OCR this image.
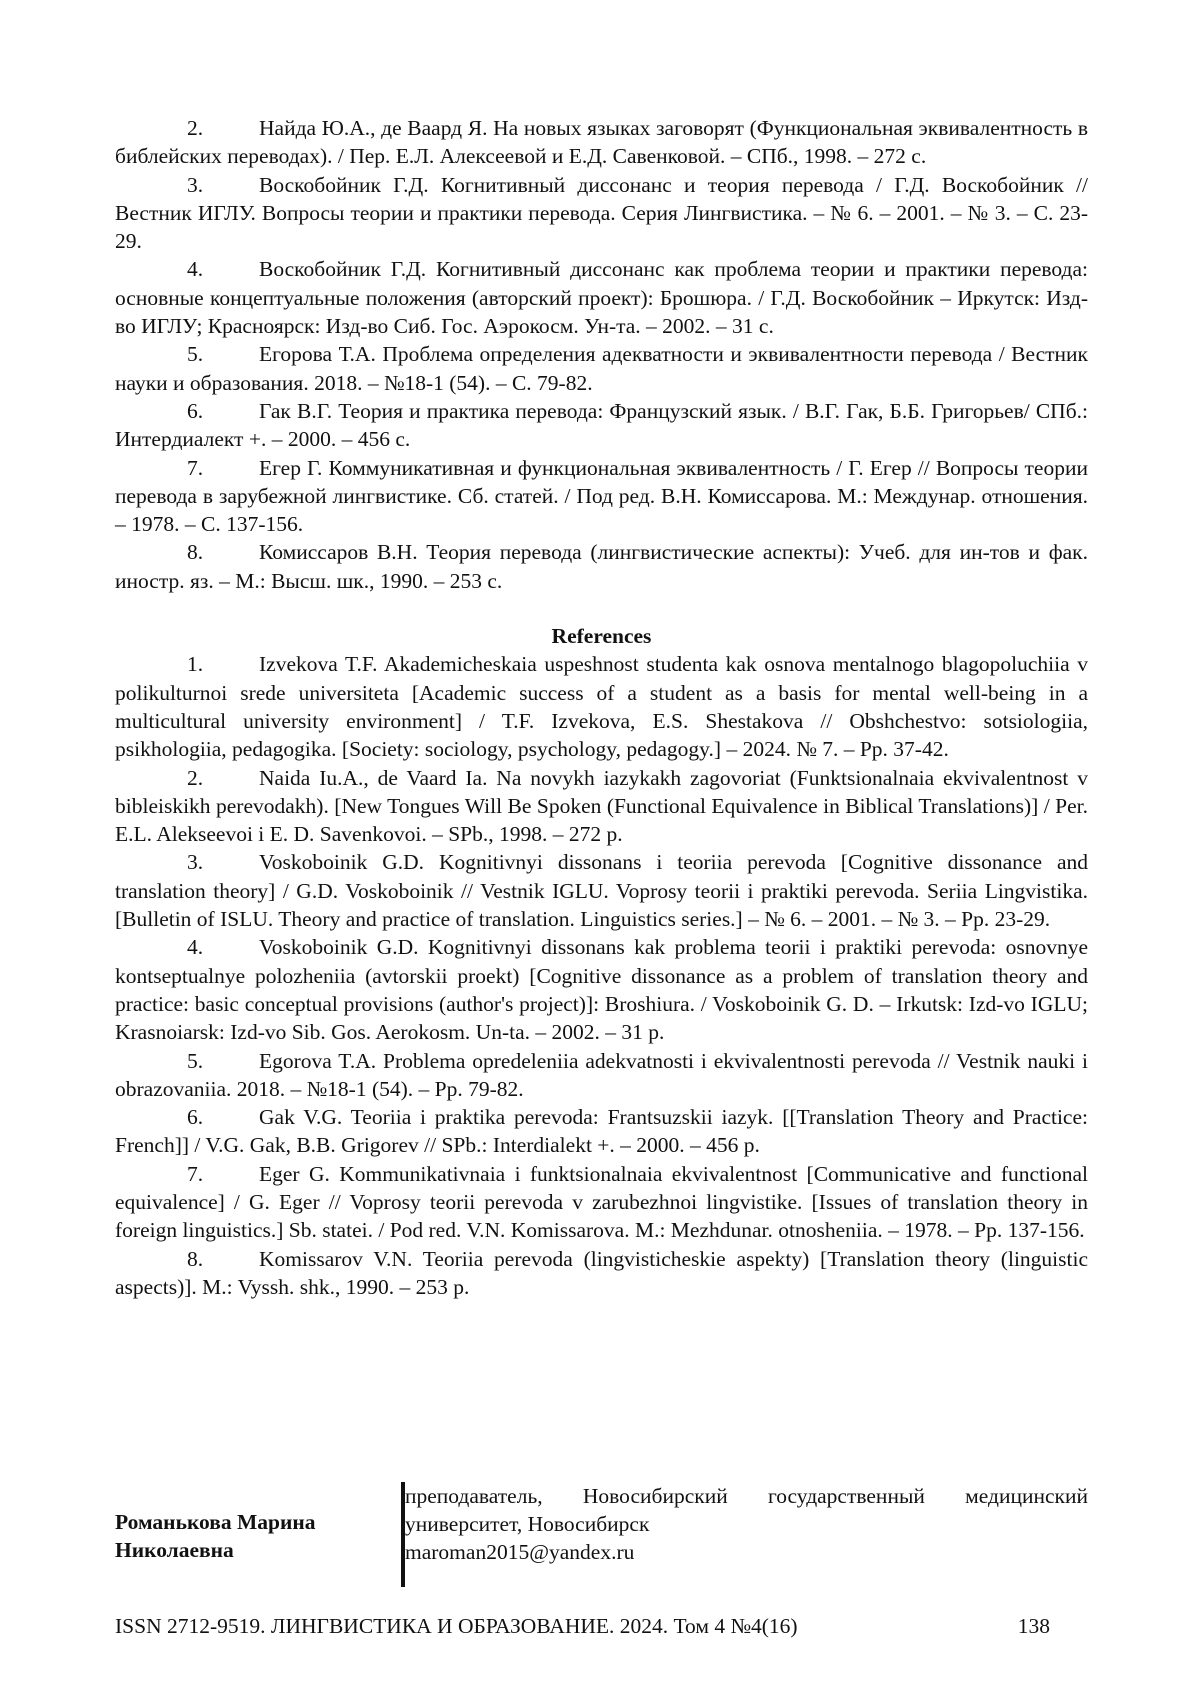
2.	Найда Ю.А., де Ваард Я. На новых языках заговорят (Функциональная эквивалентность в библейских переводах). / Пер. Е.Л. Алексеевой и Е.Д. Савенковой. – СПб., 1998. – 272 с.

3.	Воскобойник Г.Д. Когнитивный диссонанс и теория перевода / Г.Д. Воскобойник // Вестник ИГЛУ. Вопросы теории и практики перевода. Серия Лингвистика. – № 6. – 2001. – № 3. – С. 23-29.

4.	Воскобойник Г.Д. Когнитивный диссонанс как проблема теории и практики перевода: основные концептуальные положения (авторский проект): Брошюра. / Г.Д. Воскобойник – Иркутск: Изд-во ИГЛУ; Красноярск: Изд-во Сиб. Гос. Аэрокосм. Ун-та. – 2002. – 31 с.

5.	Егорова Т.А. Проблема определения адекватности и эквивалентности перевода / Вестник науки и образования. 2018. – №18-1 (54). – С. 79-82.

6.	Гак В.Г. Теория и практика перевода: Французский язык. / В.Г. Гак, Б.Б. Григорьев/ СПб.: Интердиалект +. – 2000. – 456 с.

7.	Егер Г. Коммуникативная и функциональная эквивалентность / Г. Егер // Вопросы теории перевода в зарубежной лингвистике. Сб. статей. / Под ред. В.Н. Комиссарова. М.: Междунар. отношения. – 1978. – С. 137-156.

8.	Комиссаров В.Н. Теория перевода (лингвистические аспекты): Учеб. для ин-тов и фак. иностр. яз. – М.: Высш. шк., 1990. – 253 с.

References

1.	Izvekova T.F. Akademicheskaia uspeshnost studenta kak osnova mentalnogo blagopoluchiia v polikulturnoi srede universiteta [Academic success of a student as a basis for mental well-being in a multicultural university environment] / T.F. Izvekova, E.S. Shestakova // Obshchestvo: sotsiologiia, psikhologiia, pedagogika. [Society: sociology, psychology, pedagogy.] – 2024. № 7. – Pp. 37-42.

2.	Naida Iu.A., de Vaard Ia. Na novykh iazykakh zagovoriat (Funktsionalnaia ekvivalentnost v bibleiskikh perevodakh). [New Tongues Will Be Spoken (Functional Equivalence in Biblical Translations)] / Per. E.L. Alekseevoi i E. D. Savenkovoi. – SPb., 1998. – 272 p.

3.	Voskoboinik G.D. Kognitivnyi dissonans i teoriia perevoda [Cognitive dissonance and translation theory] / G.D. Voskoboinik // Vestnik IGLU. Voprosy teorii i praktiki perevoda. Seriia Lingvistika. [Bulletin of ISLU. Theory and practice of translation. Linguistics series.] – № 6. – 2001. – № 3. – Pp. 23-29.

4.	Voskoboinik G.D. Kognitivnyi dissonans kak problema teorii i praktiki perevoda: osnovnye kontseptualnye polozheniia (avtorskii proekt) [Cognitive dissonance as a problem of translation theory and practice: basic conceptual provisions (author's project)]: Broshiura. / Voskoboinik G. D. – Irkutsk: Izd-vo IGLU; Krasnoiarsk: Izd-vo Sib. Gos. Aerokosm. Un-ta. – 2002. – 31 p.

5.	Egorova T.A. Problema opredeleniia adekvatnosti i ekvivalentnosti perevoda // Vestnik nauki i obrazovaniia. 2018. – №18-1 (54). – Pp. 79-82.

6.	Gak V.G. Teoriia i praktika perevoda: Frantsuzskii iazyk. [[Translation Theory and Practice: French]] / V.G. Gak, B.B. Grigorev // SPb.: Interdialekt +. – 2000. – 456 p.

7.	Eger G. Kommunikativnaia i funktsionalnaia ekvivalentnost [Communicative and functional equivalence] / G. Eger // Voprosy teorii perevoda v zarubezhnoi lingvistike. [Issues of translation theory in foreign linguistics.] Sb. statei. / Pod red. V.N. Komissarova. M.: Mezhdunar. otnosheniia. – 1978. – Pp. 137-156.

8.	Komissarov V.N. Teoriia perevoda (lingvisticheskie aspekty) [Translation theory (linguistic aspects)]. M.: Vyssh. shk., 1990. – 253 p.

Романькова Марина Николаевна
преподаватель, Новосибирский государственный медицинский университет, Новосибирск
maroman2015@yandex.ru
ISSN 2712-9519. ЛИНГВИСТИКА И ОБРАЗОВАНИЕ. 2024. Том 4 №4(16)	138
